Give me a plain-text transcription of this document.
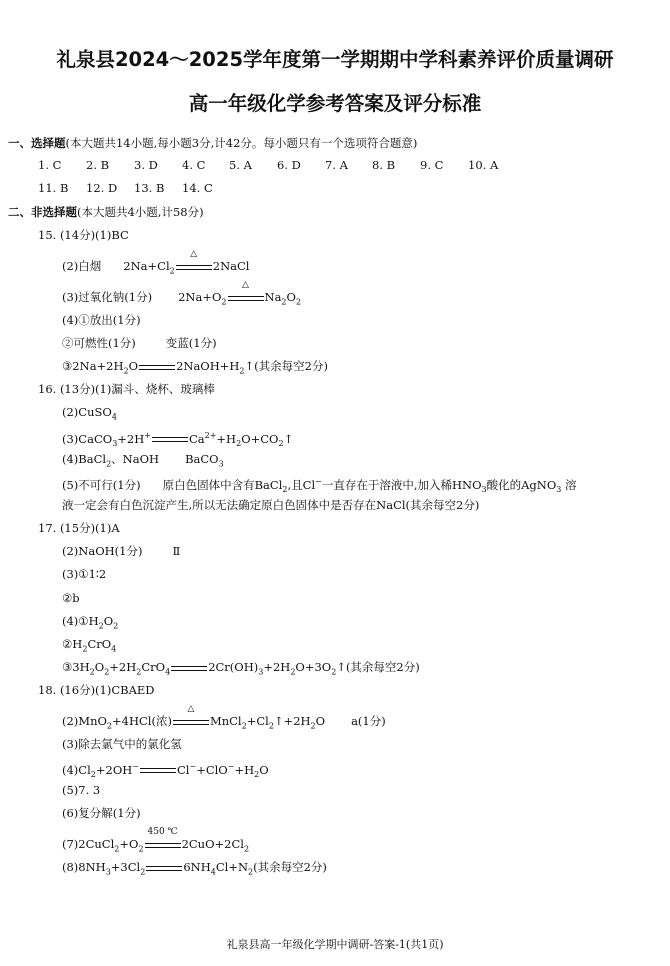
礼泉县2024～2025学年度第一学期期中学科素养评价质量调研
高一年级化学参考答案及评分标准
一、选择题(本大题共14小题,每小题3分,计42分。每小题只有一个选项符合题意)
1. C 2. B 3. D 4. C 5. A 6. D 7. A 8. B 9. C 10. A
11. B 12. D 13. B 14. C
二、非选择题(本大题共4小题,计58分)
15. (14分)(1)BC
(2)白烟 $2Na+Cl_2$
△
2NaCl
(3)过氧化钠(1分) $2Na+O_2$
△
$Na_2O_2$
(4)①放出(1分)
②可燃性(1分)	变蓝(1分)
$③2Na+2H_2O$	$2NaOH+H_2↑$(其余每空2分)
16. (13分)(1)漏斗、烧杯、玻璃棒
(2)CuSO$_4$
(3)CaCO$_3$+2H+	$Ca^{2+}+H_2O+CO_2↑$
(4)BaCl$_2$、NaOH BaCO$_3$
(5)不可行(1分) 原白色固体中含有BaCl$_2$,且Cl−一直存在于溶液中,加入稀$HNO_3$酸化的AgNO$_3$ 溶
液一定会有白色沉淀产生,所以无法确定原白色固体中是否存在NaCl(其余每空2分)
17. (15分)(1)A
(2)NaOH(1分)	Ⅱ
(3)①1∶2
②b
$(4)①H_2O_2$
$②H_2CrO_4$
$③3H_2O_2+2H_2CrO_4$	$2Cr(OH)_3+2H_2O+3O_2↑$(其余每空2分)
18. (16分)(1)CBAED
(2)MnO$_2$+4HCl(浓)
△
$MnCl_2+Cl_2↑+2H_2O$ a(1分)
(3)除去氯气中的氯化氢
$(4)Cl_2+2OH^-$	$Cl^-+ClO^-+H_2O$
(5)7. 3
(6)复分解(1分)
$(7)2CuCl_2+O_2$
450 ℃
$2CuO+2Cl_2$
$(8)8NH_3+3Cl_2$	$6NH_4Cl+N_2$(其余每空2分)
礼泉县高一年级化学期中调研-答案-1(共1页)
